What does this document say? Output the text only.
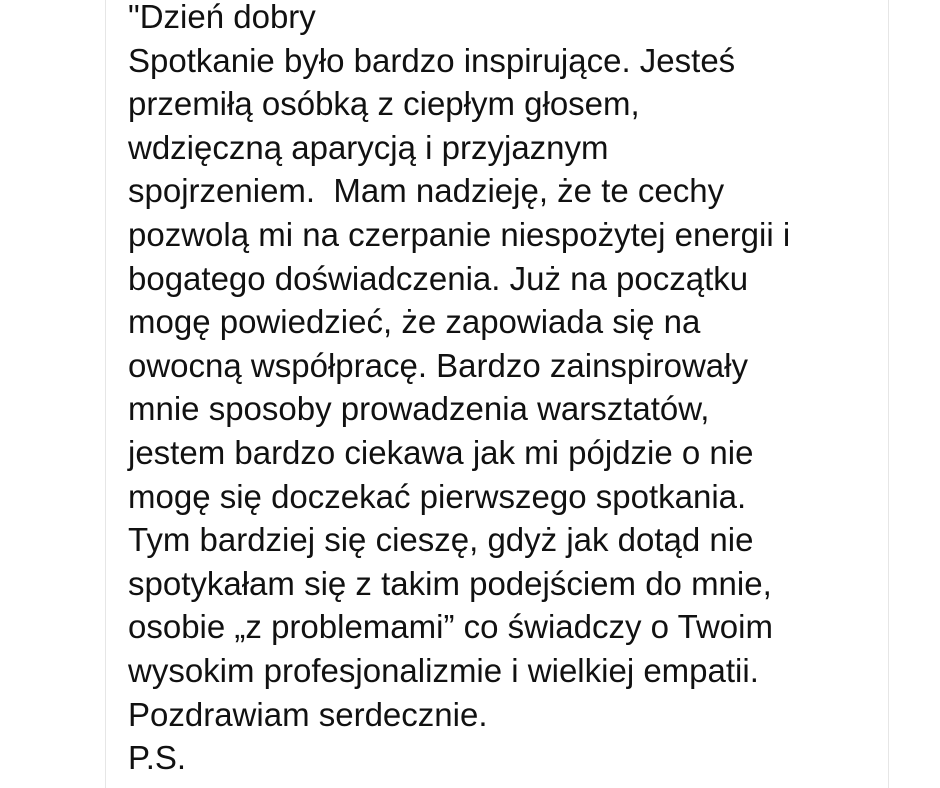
"Dzień dobry
Spotkanie było bardzo inspirujące. Jesteś
przemiłą osóbką z ciepłym głosem,
wdzięczną aparycją i przyjaznym
spojrzeniem.  Mam nadzieję, że te cechy
pozwolą mi na czerpanie niespożytej energii i
bogatego doświadczenia. Już na początku
mogę powiedzieć, że zapowiada się na
owocną współpracę. Bardzo zainspirowały
mnie sposoby prowadzenia warsztatów,
jestem bardzo ciekawa jak mi pójdzie o nie
mogę się doczekać pierwszego spotkania.
Tym bardziej się cieszę, gdyż jak dotąd nie
spotykałam się z takim podejściem do mnie,
osobie „z problemami” co świadczy o Twoim
wysokim profesjonalizmie i wielkiej empatii.
Pozdrawiam serdecznie.
P.S.
